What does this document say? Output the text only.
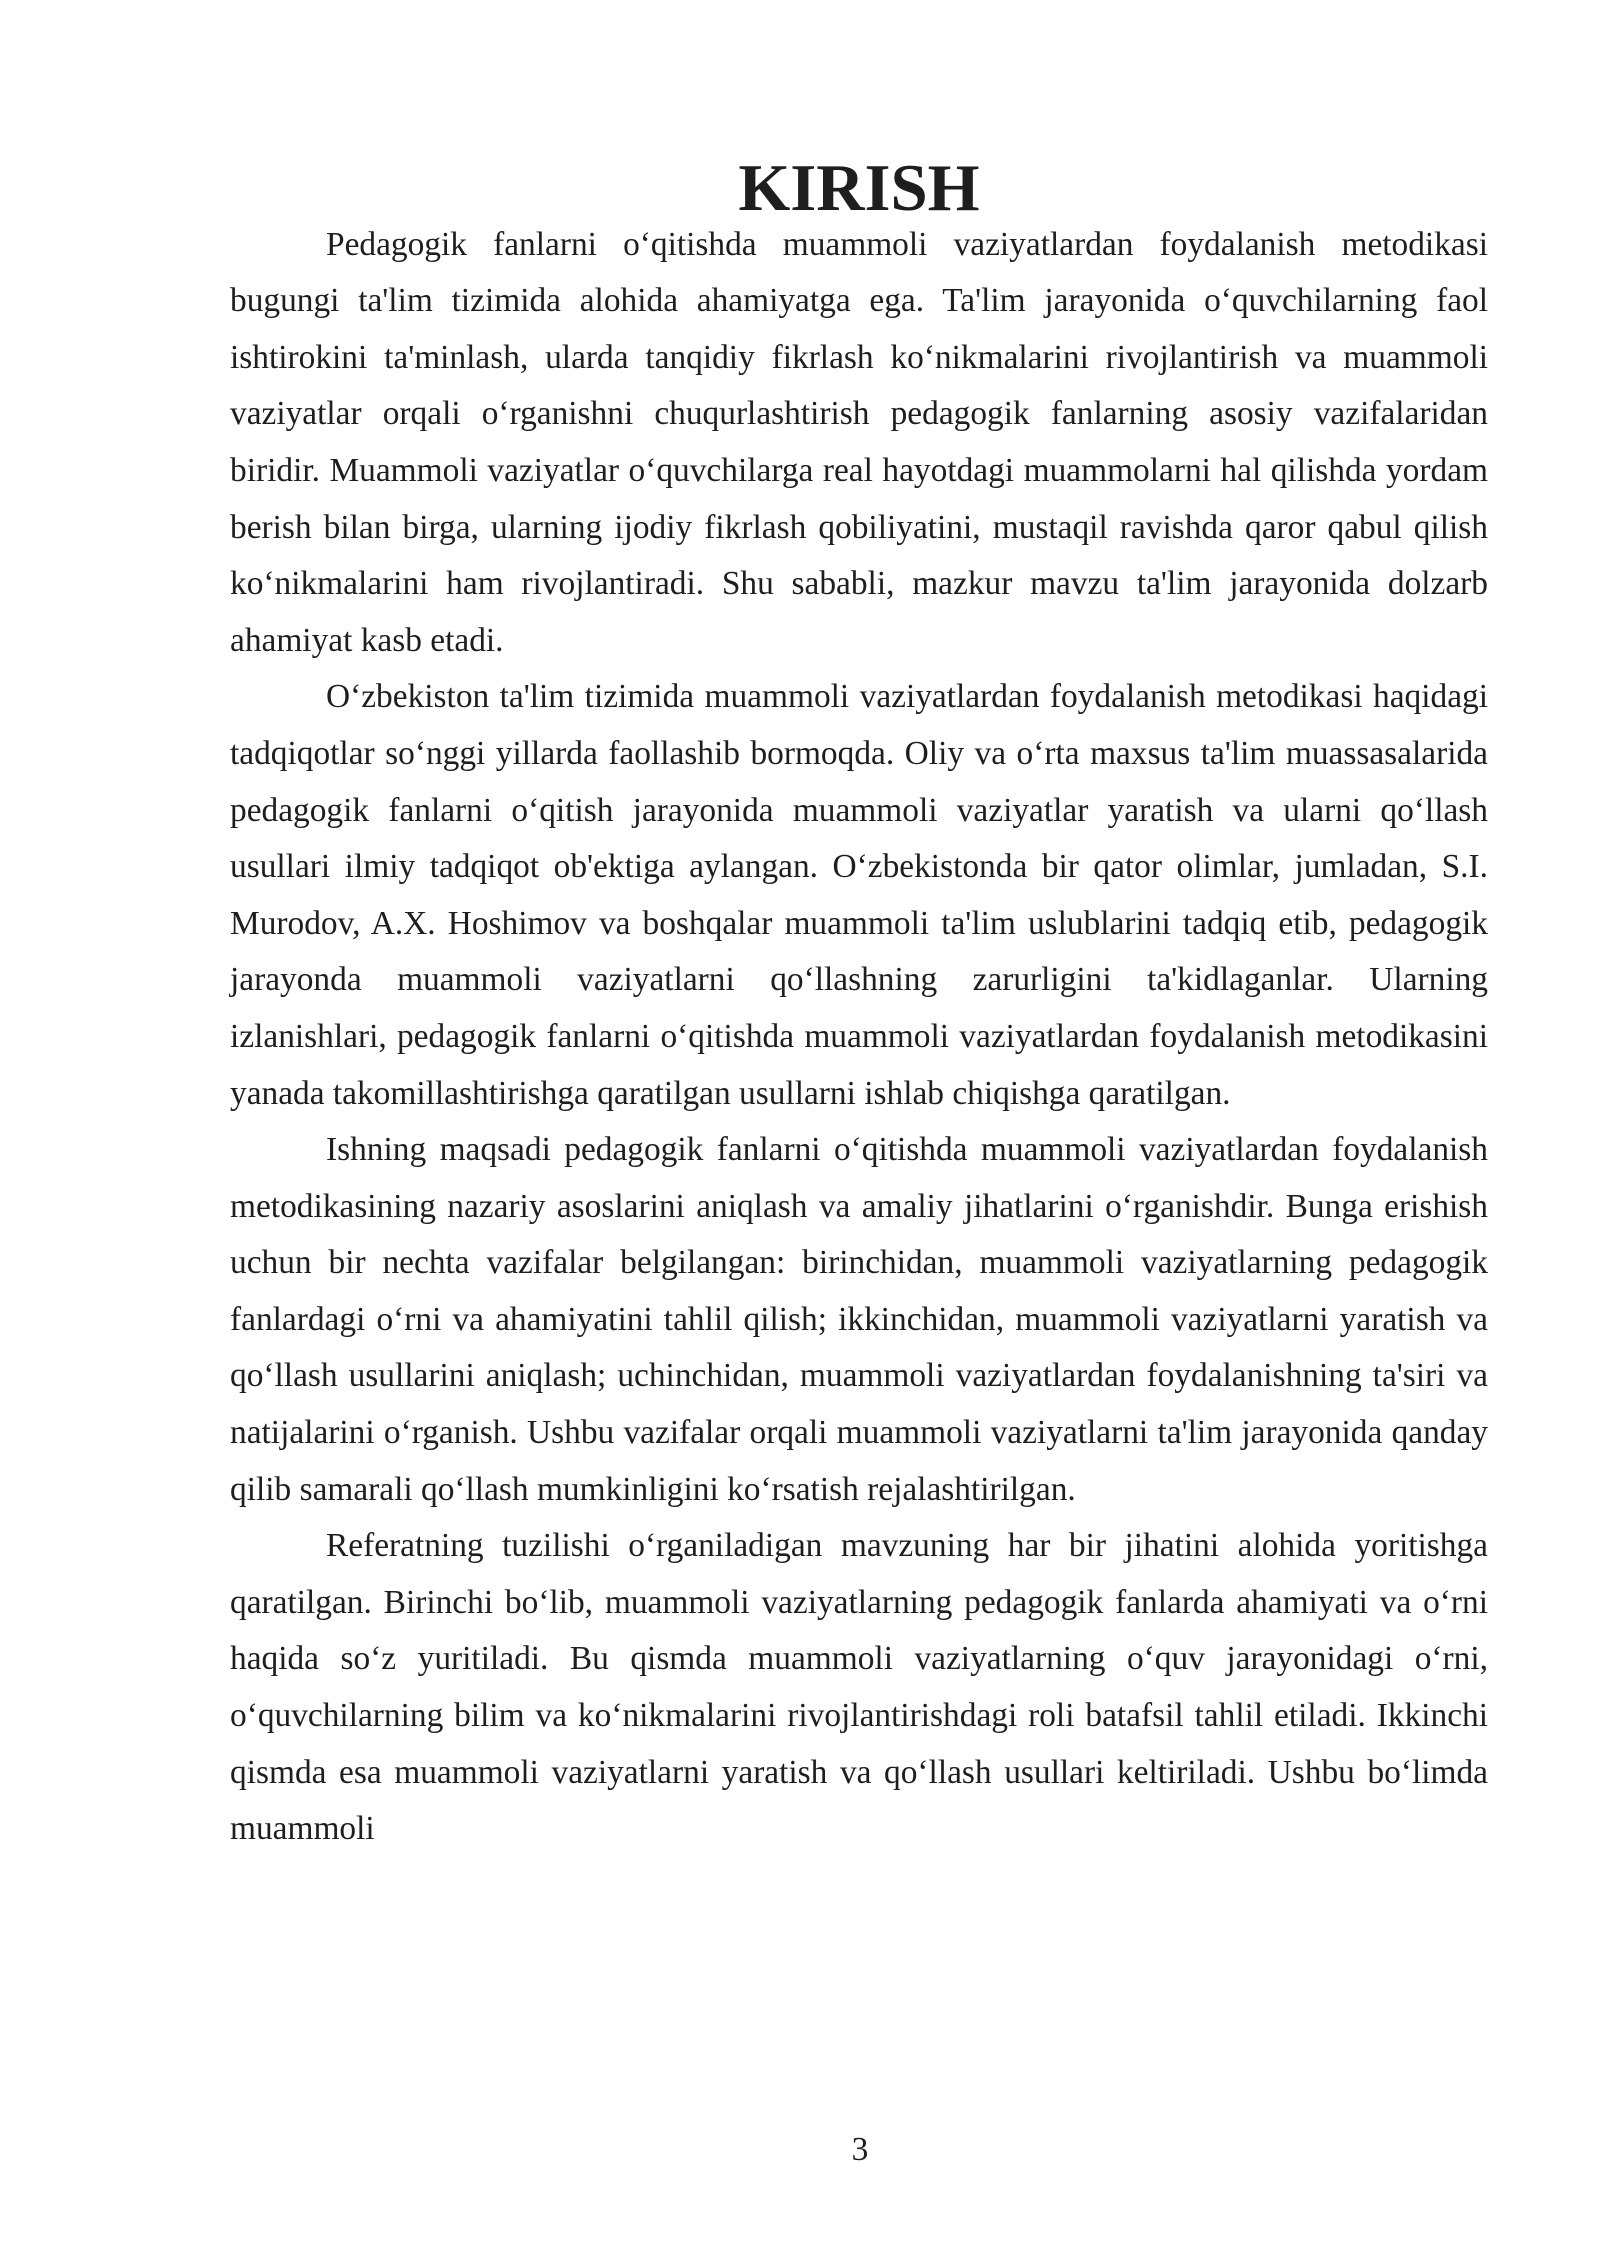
KIRISH

Pedagogik fanlarni o‘qitishda muammoli vaziyatlardan foydalanish metodikasi bugungi ta'lim tizimida alohida ahamiyatga ega. Ta'lim jarayonida o‘quvchilarning faol ishtirokini ta'minlash, ularda tanqidiy fikrlash ko‘nikmalarini rivojlantirish va muammoli vaziyatlar orqali o‘rganishni chuqurlashtirish pedagogik fanlarning asosiy vazifalaridan biridir. Muammoli vaziyatlar o‘quvchilarga real hayotdagi muammolarni hal qilishda yordam berish bilan birga, ularning ijodiy fikrlash qobiliyatini, mustaqil ravishda qaror qabul qilish ko‘nikmalarini ham rivojlantiradi. Shu sababli, mazkur mavzu ta'lim jarayonida dolzarb ahamiyat kasb etadi.

O‘zbekiston ta'lim tizimida muammoli vaziyatlardan foydalanish metodikasi haqidagi tadqiqotlar so‘nggi yillarda faollashib bormoqda. Oliy va o‘rta maxsus ta'lim muassasalarida pedagogik fanlarni o‘qitish jarayonida muammoli vaziyatlar yaratish va ularni qo‘llash usullari ilmiy tadqiqot ob'ektiga aylangan. O‘zbekistonda bir qator olimlar, jumladan, S.I. Murodov, A.X. Hoshimov va boshqalar muammoli ta'lim uslublarini tadqiq etib, pedagogik jarayonda muammoli vaziyatlarni qo‘llashning zarurligini ta'kidlaganlar. Ularning izlanishlari, pedagogik fanlarni o‘qitishda muammoli vaziyatlardan foydalanish metodikasini yanada takomillashtirishga qaratilgan usullarni ishlab chiqishga qaratilgan.

Ishning maqsadi pedagogik fanlarni o‘qitishda muammoli vaziyatlardan foydalanish metodikasining nazariy asoslarini aniqlash va amaliy jihatlarini o‘rganishdir. Bunga erishish uchun bir nechta vazifalar belgilangan: birinchidan, muammoli vaziyatlarning pedagogik fanlardagi o‘rni va ahamiyatini tahlil qilish; ikkinchidan, muammoli vaziyatlarni yaratish va qo‘llash usullarini aniqlash; uchinchidan, muammoli vaziyatlardan foydalanishning ta'siri va natijalarini o‘rganish. Ushbu vazifalar orqali muammoli vaziyatlarni ta'lim jarayonida qanday qilib samarali qo‘llash mumkinligini ko‘rsatish rejalashtirilgan.

Referatning tuzilishi o‘rganiladigan mavzuning har bir jihatini alohida yoritishga qaratilgan. Birinchi bo‘lib, muammoli vaziyatlarning pedagogik fanlarda ahamiyati va o‘rni haqida so‘z yuritiladi. Bu qismda muammoli vaziyatlarning o‘quv jarayonidagi o‘rni, o‘quvchilarning bilim va ko‘nikmalarini rivojlantirishdagi roli batafsil tahlil etiladi. Ikkinchi qismda esa muammoli vaziyatlarni yaratish va qo‘llash usullari keltiriladi. Ushbu bo‘limda muammoli

3
